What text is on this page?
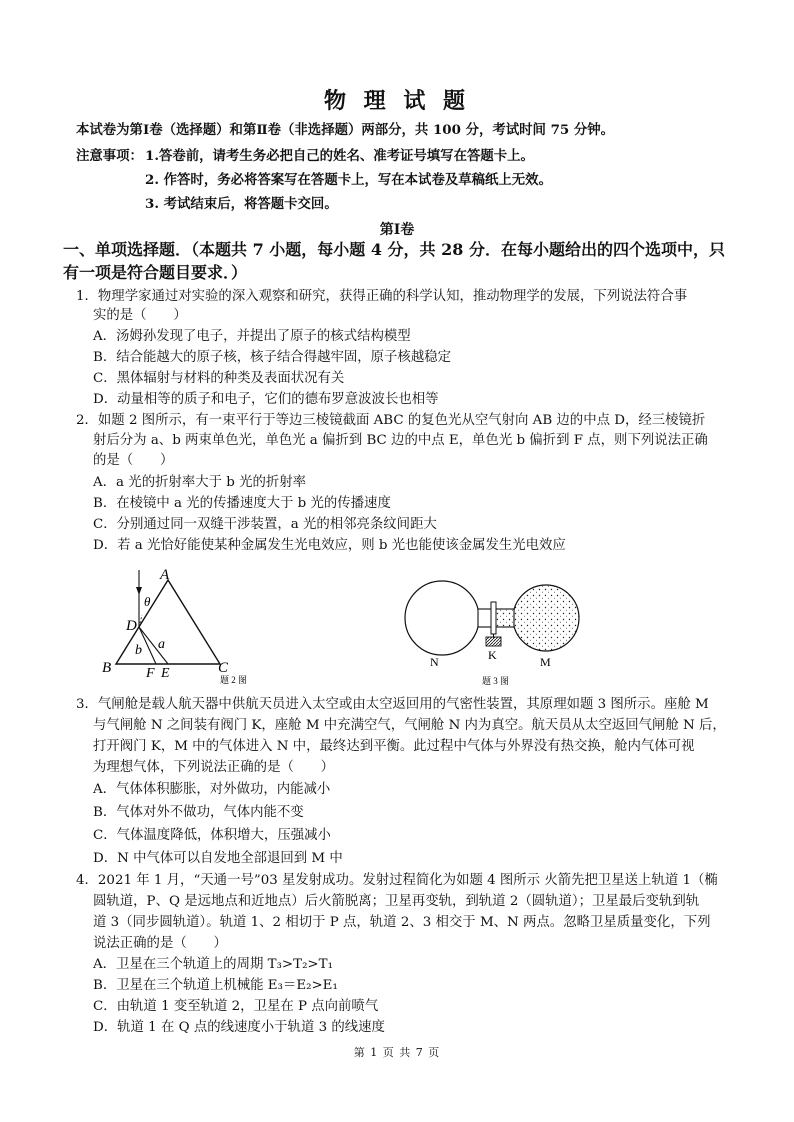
物 理 试 题
本试卷为第Ⅰ卷（选择题）和第Ⅱ卷（非选择题）两部分，共 100 分，考试时间 75 分钟。
注意事项： 1.答卷前，请考生务必把自己的姓名、准考证号填写在答题卡上。
2. 作答时，务必将答案写在答题卡上，写在本试卷及草稿纸上无效。
3. 考试结束后，将答题卡交回。
第Ⅰ卷
一、单项选择题．（本题共 7 小题，每小题 4 分，共 28 分．在每小题给出的四个选项中，只
有一项是符合题目要求．）
1．物理学家通过对实验的深入观察和研究，获得正确的科学认知，推动物理学的发展，下列说法符合事
实的是（　　）
A．汤姆孙发现了电子，并提出了原子的核式结构模型
B．结合能越大的原子核，核子结合得越牢固，原子核越稳定
C．黑体辐射与材料的种类及表面状况有关
D．动量相等的质子和电子，它们的德布罗意波波长也相等
2．如题 2 图所示，有一束平行于等边三棱镜截面 ABC 的复色光从空气射向 AB 边的中点 D，经三棱镜折
射后分为 a、b 两束单色光，单色光 a 偏折到 BC 边的中点 E，单色光 b 偏折到 F 点，则下列说法正确
的是（　　）
A．a 光的折射率大于 b 光的折射率
B．在棱镜中 a 光的传播速度大于 b 光的传播速度
C．分别通过同一双缝干涉装置，a 光的相邻亮条纹间距大
D．若 a 光恰好能使某种金属发生光电效应，则 b 光也能使该金属发生光电效应
A
B	C
D
F E
θ
a
b
题 2 图
N	K	M
题 3 图
3．气闸舱是载人航天器中供航天员进入太空或由太空返回用的气密性装置，其原理如题 3 图所示。座舱 M
与气闸舱 N 之间装有阀门 K，座舱 M 中充满空气，气闸舱 N 内为真空。航天员从太空返回气闸舱 N 后，
打开阀门 K，M 中的气体进入 N 中，最终达到平衡。此过程中气体与外界没有热交换，舱内气体可视
为理想气体，下列说法正确的是（　　）
A．气体体积膨胀，对外做功，内能减小
B．气体对外不做功，气体内能不变
C．气体温度降低，体积增大，压强减小
D．N 中气体可以自发地全部退回到 M 中
4．2021 年 1 月，“天通一号”03 星发射成功。发射过程简化为如题 4 图所示 火箭先把卫星送上轨道 1（椭
圆轨道，P、Q 是远地点和近地点）后火箭脱离；卫星再变轨，到轨道 2（圆轨道）；卫星最后变轨到轨
道 3（同步圆轨道）。轨道 1、2 相切于 P 点，轨道 2、3 相交于 M、N 两点。忽略卫星质量变化，下列
说法正确的是（　　）
A．卫星在三个轨道上的周期 T₃>T₂>T₁
B．卫星在三个轨道上机械能 E₃＝E₂>E₁
C．由轨道 1 变至轨道 2，卫星在 P 点向前喷气
D．轨道 1 在 Q 点的线速度小于轨道 3 的线速度
第 1 页 共 7 页
